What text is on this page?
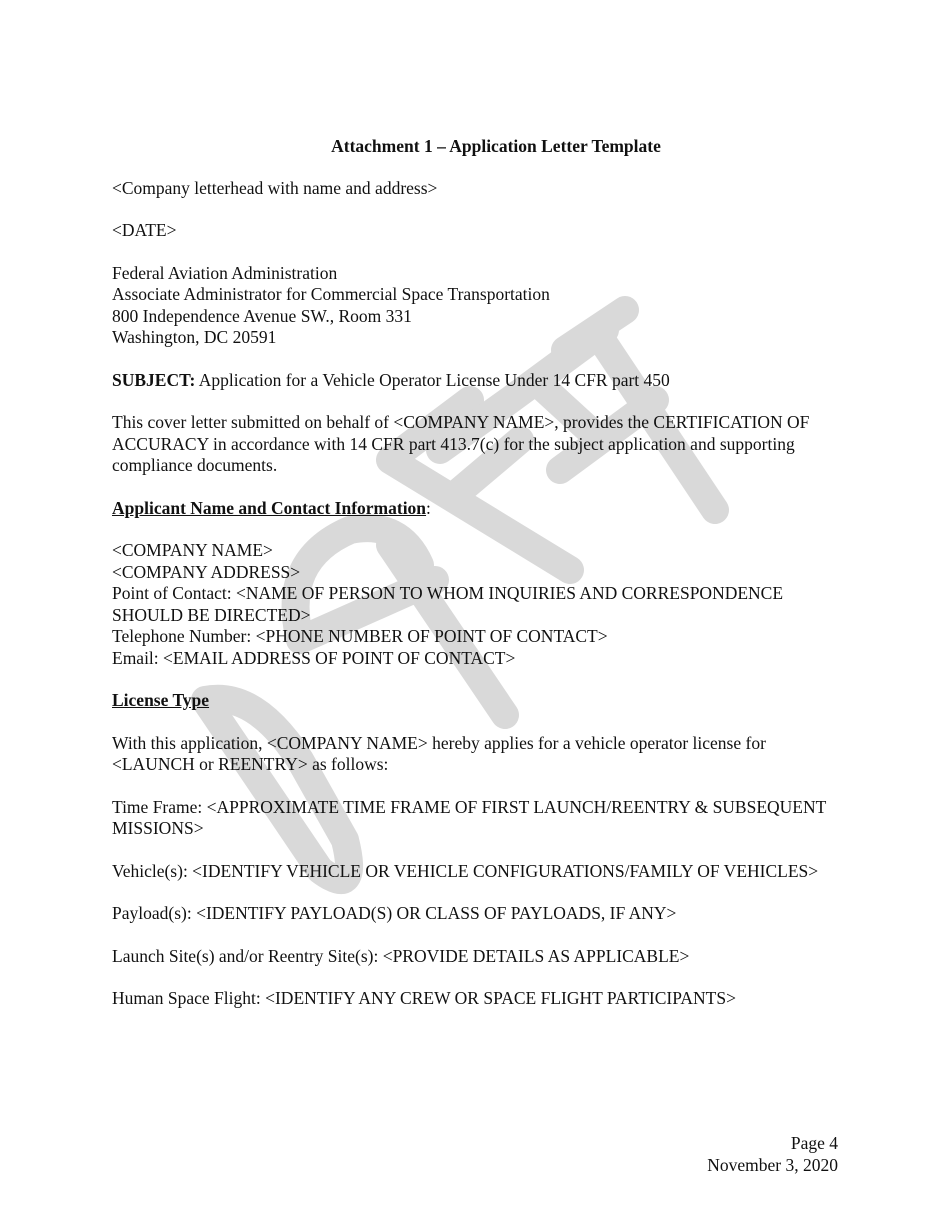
Attachment 1 – Application Letter Template

<Company letterhead with name and address>

<DATE>

Federal Aviation Administration
Associate Administrator for Commercial Space Transportation
800 Independence Avenue SW., Room 331
Washington, DC 20591

SUBJECT: Application for a Vehicle Operator License Under 14 CFR part 450

This cover letter submitted on behalf of <COMPANY NAME>, provides the CERTIFICATION OF ACCURACY in accordance with 14 CFR part 413.7(c) for the subject application and supporting compliance documents.

Applicant Name and Contact Information:

<COMPANY NAME>
<COMPANY ADDRESS>
Point of Contact: <NAME OF PERSON TO WHOM INQUIRIES AND CORRESPONDENCE SHOULD BE DIRECTED>
Telephone Number: <PHONE NUMBER OF POINT OF CONTACT>
Email: <EMAIL ADDRESS OF POINT OF CONTACT>

License Type

With this application, <COMPANY NAME> hereby applies for a vehicle operator license for <LAUNCH or REENTRY> as follows:

Time Frame: <APPROXIMATE TIME FRAME OF FIRST LAUNCH/REENTRY & SUBSEQUENT MISSIONS>

Vehicle(s): <IDENTIFY VEHICLE OR VEHICLE CONFIGURATIONS/FAMILY OF VEHICLES>

Payload(s): <IDENTIFY PAYLOAD(S) OR CLASS OF PAYLOADS, IF ANY>

Launch Site(s) and/or Reentry Site(s): <PROVIDE DETAILS AS APPLICABLE>

Human Space Flight: <IDENTIFY ANY CREW OR SPACE FLIGHT PARTICIPANTS>

Page 4
November 3, 2020
